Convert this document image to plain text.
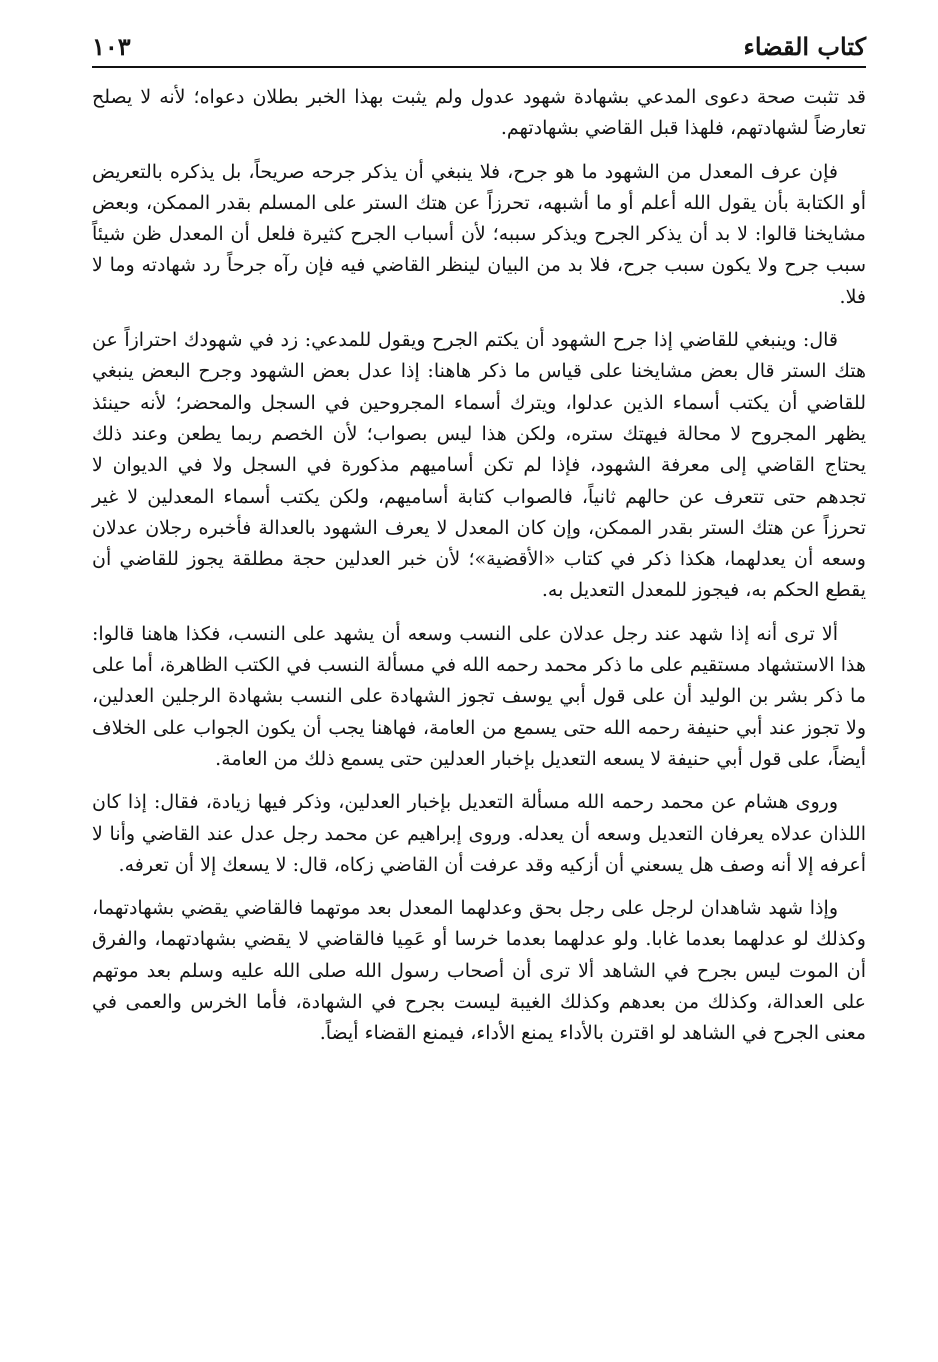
كتاب القضاء
١٠٣

قد تثبت صحة دعوى المدعي بشهادة شهود عدول ولم يثبت بهذا الخبر بطلان دعواه؛ لأنه لا يصلح تعارضاً لشهادتهم، فلهذا قبل القاضي بشهادتهم.

فإن عرف المعدل من الشهود ما هو جرح، فلا ينبغي أن يذكر جرحه صريحاً، بل يذكره بالتعريض أو الكتابة بأن يقول الله أعلم أو ما أشبهه، تحرزاً عن هتك الستر على المسلم بقدر الممكن، وبعض مشايخنا قالوا: لا بد أن يذكر الجرح ويذكر سببه؛ لأن أسباب الجرح كثيرة فلعل أن المعدل ظن شيئاً سبب جرح ولا يكون سبب جرح، فلا بد من البيان لينظر القاضي فيه فإن رآه جرحاً رد شهادته وما لا فلا.

قال: وينبغي للقاضي إذا جرح الشهود أن يكتم الجرح ويقول للمدعي: زد في شهودك احترازاً عن هتك الستر قال بعض مشايخنا على قياس ما ذكر هاهنا: إذا عدل بعض الشهود وجرح البعض ينبغي للقاضي أن يكتب أسماء الذين عدلوا، ويترك أسماء المجروحين في السجل والمحضر؛ لأنه حينئذ يظهر المجروح لا محالة فيهتك ستره، ولكن هذا ليس بصواب؛ لأن الخصم ربما يطعن وعند ذلك يحتاج القاضي إلى معرفة الشهود، فإذا لم تكن أساميهم مذكورة في السجل ولا في الديوان لا تجدهم حتى تتعرف عن حالهم ثانياً، فالصواب كتابة أساميهم، ولكن يكتب أسماء المعدلين لا غير تحرزاً عن هتك الستر بقدر الممكن، وإن كان المعدل لا يعرف الشهود بالعدالة فأخبره رجلان عدلان وسعه أن يعدلهما، هكذا ذكر في كتاب «الأقضية»؛ لأن خبر العدلين حجة مطلقة يجوز للقاضي أن يقطع الحكم به، فيجوز للمعدل التعديل به.

ألا ترى أنه إذا شهد عند رجل عدلان على النسب وسعه أن يشهد على النسب، فكذا هاهنا قالوا: هذا الاستشهاد مستقيم على ما ذكر محمد رحمه الله في مسألة النسب في الكتب الظاهرة، أما على ما ذكر بشر بن الوليد أن على قول أبي يوسف تجوز الشهادة على النسب بشهادة الرجلين العدلين، ولا تجوز عند أبي حنيفة رحمه الله حتى يسمع من العامة، فهاهنا يجب أن يكون الجواب على الخلاف أيضاً، على قول أبي حنيفة لا يسعه التعديل بإخبار العدلين حتى يسمع ذلك من العامة.

وروى هشام عن محمد رحمه الله مسألة التعديل بإخبار العدلين، وذكر فيها زيادة، فقال: إذا كان اللذان عدلاه يعرفان التعديل وسعه أن يعدله. وروى إبراهيم عن محمد رجل عدل عند القاضي وأنا لا أعرفه إلا أنه وصف هل يسعني أن أزكيه وقد عرفت أن القاضي زكاه، قال: لا يسعك إلا أن تعرفه.

وإذا شهد شاهدان لرجل على رجل بحق وعدلهما المعدل بعد موتهما فالقاضي يقضي بشهادتهما، وكذلك لو عدلهما بعدما غابا. ولو عدلهما بعدما خرسا أو عَمِيا فالقاضي لا يقضي بشهادتهما، والفرق أن الموت ليس بجرح في الشاهد ألا ترى أن أصحاب رسول الله صلى الله عليه وسلم بعد موتهم على العدالة، وكذلك من بعدهم وكذلك الغيبة ليست بجرح في الشهادة، فأما الخرس والعمى في معنى الجرح في الشاهد لو اقترن بالأداء يمنع الأداء، فيمنع القضاء أيضاً.
